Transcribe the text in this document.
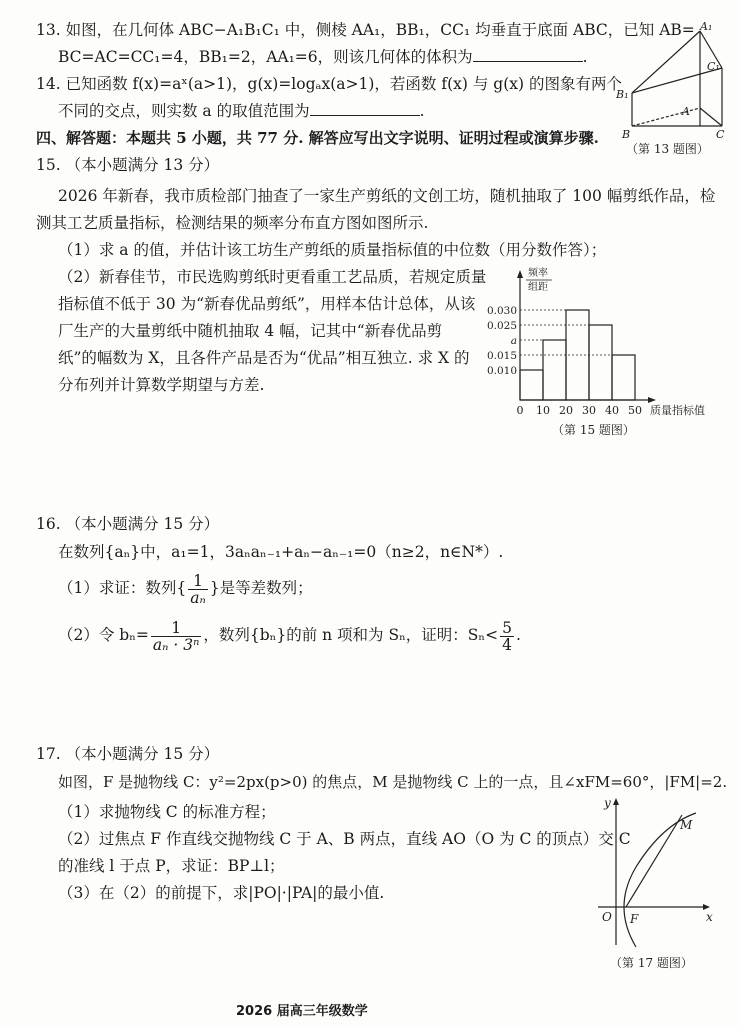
13. 如图，在几何体 ABC−A₁B₁C₁ 中，侧棱 AA₁，BB₁，CC₁ 均垂直于底面 ABC，已知 AB=
BC=AC=CC₁=4，BB₁=2，AA₁=6，则该几何体的体积为	.
A₁
C₁
B₁
A
B	C
（第 13 题图）
14. 已知函数 f(x)=aˣ(a>1)，g(x)=logₐx(a>1)，若函数 f(x) 与 g(x) 的图象有两个
不同的交点，则实数 a 的取值范围为	.
四、解答题：本题共 5 小题，共 77 分. 解答应写出文字说明、证明过程或演算步骤.
15. （本小题满分 13 分）
2026 年新春，我市质检部门抽查了一家生产剪纸的文创工坊，随机抽取了 100 幅剪纸作品，检
测其工艺质量指标，检测结果的频率分布直方图如图所示.
（1）求 a 的值，并估计该工坊生产剪纸的质量指标值的中位数（用分数作答）；
（2）新春佳节，市民选购剪纸时更看重工艺品质，若规定质量
指标值不低于 30 为“新春优品剪纸”，用样本估计总体，从该
厂生产的大量剪纸中随机抽取 4 幅，记其中“新春优品剪
纸”的幅数为 X，且各件产品是否为“优品”相互独立. 求 X 的
分布列并计算数学期望与方差.
频率
组距
0.030
0.025
a
0.015
0.010
0 10 20 30 40 50 质量指标值
（第 15 题图）
16. （本小题满分 15 分）
在数列{aₙ}中，a₁=1，3aₙaₙ₋₁+aₙ−aₙ₋₁=0（n≥2，n∈N*）.
（1）求证：数列{ $\frac{1}{\text{aₙ}}$ }是等差数列；
（2）令 $b_n= \frac{1}{\text{aₙ · 3ⁿ}}$ ，数列{bₙ}的前 n 项和为 Sₙ，证明：$S_n< \frac{5}{4}$ .
17. （本小题满分 15 分）
如图，F 是抛物线 C：y²=2px(p>0) 的焦点，M 是抛物线 C 上的一点，且∠xFM=60°，|FM|=2.
（1）求抛物线 C 的标准方程；
（2）过焦点 F 作直线交抛物线 C 于 A、B 两点，直线 AO（O 为 C 的顶点）交 C
的准线 l 于点 P，求证：BP⊥l；
（3）在（2）的前提下，求|PO|·|PA|的最小值.
y
M
O F	x
（第 17 题图）
2026 届高三年级数学
